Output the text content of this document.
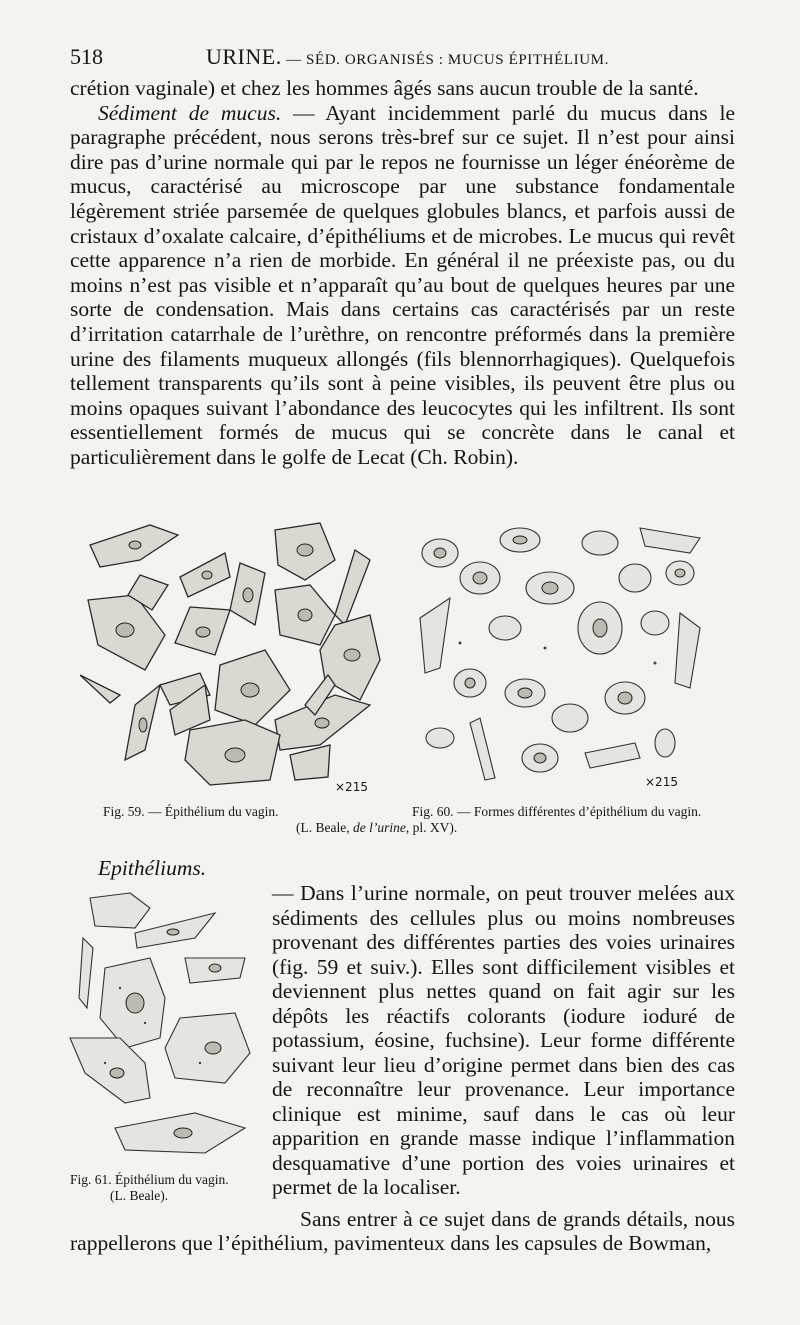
518	URINE. — SÉD. ORGANISÉS : MUCUS ÉPITHÉLIUM.

crétion vaginale) et chez les hommes âgés sans aucun trouble de la santé.

Sédiment de mucus. — Ayant incidemment parlé du mucus dans le paragraphe précédent, nous serons très-bref sur ce sujet. Il n’est pour ainsi dire pas d’urine normale qui par le repos ne fournisse un léger énéorème de mucus, caractérisé au microscope par une substance fondamentale légèrement striée parsemée de quelques globules blancs, et parfois aussi de cristaux d’oxalate calcaire, d’épithéliums et de microbes. Le mucus qui revêt cette apparence n’a rien de morbide. En général il ne préexiste pas, ou du moins n’est pas visible et n’apparaît qu’au bout de quelques heures par une sorte de condensation. Mais dans certains cas caractérisés par un reste d’irritation catarrhale de l’urèthre, on rencontre préformés dans la première urine des filaments muqueux allongés (fils blennorrhagiques). Quelquefois tellement transparents qu’ils sont à peine visibles, ils peuvent être plus ou moins opaques suivant l’abondance des leucocytes qui les infiltrent. Ils sont essentiellement formés de mucus qui se concrète dans le canal et particulièrement dans le golfe de Lecat (Ch. Robin).

×215	×215
Fig. 59. — Épithélium du vagin.	Fig. 60. — Formes différentes d’épithélium du vagin.
(L. Beale, de l’urine, pl. XV).

Epithéliums.

— Dans l’urine normale, on peut trouver melées aux sédiments des cellules plus ou moins nombreuses provenant des différentes parties des voies urinaires (fig. 59 et suiv.). Elles sont difficilement visibles et deviennent plus nettes quand on fait agir sur les dépôts les réactifs colorants (iodure ioduré de potassium, éosine, fuchsine). Leur forme différente suivant leur lieu d’origine permet dans bien des cas de reconnaître leur provenance. Leur importance clinique est minime, sauf dans le cas où leur apparition en grande masse indique l’inflammation desquamative d’une portion des voies urinaires et permet de la localiser.

Fig. 61. Épithélium du vagin.
(L. Beale).

Sans entrer à ce sujet dans de grands détails, nous rappellerons que l’épithélium, pavimenteux dans les capsules de Bowman,
